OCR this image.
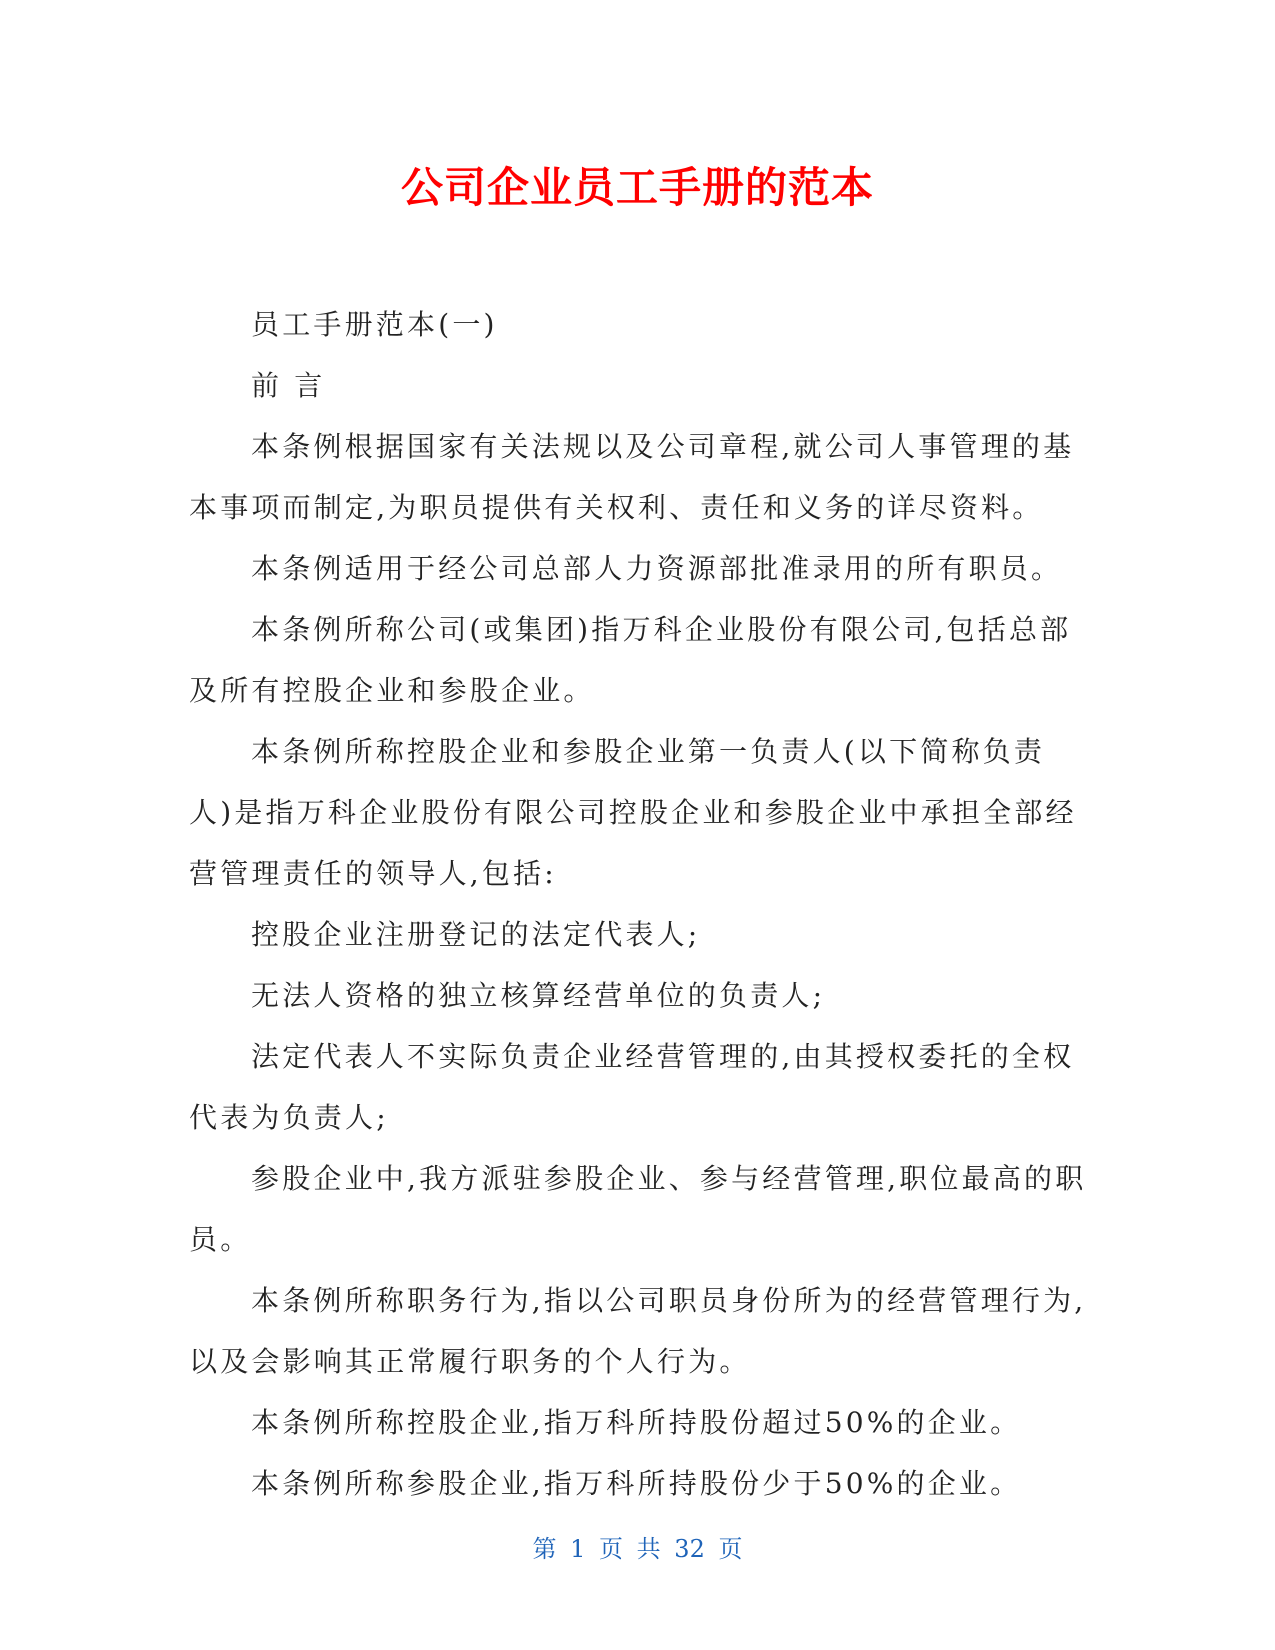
公司企业员工手册的范本

员工手册范本(一)

前 言

本条例根据国家有关法规以及公司章程,就公司人事管理的基本事项而制定,为职员提供有关权利、责任和义务的详尽资料。

本条例适用于经公司总部人力资源部批准录用的所有职员。

本条例所称公司(或集团)指万科企业股份有限公司,包括总部及所有控股企业和参股企业。

本条例所称控股企业和参股企业第一负责人(以下简称负责人)是指万科企业股份有限公司控股企业和参股企业中承担全部经营管理责任的领导人,包括:

控股企业注册登记的法定代表人;

无法人资格的独立核算经营单位的负责人;

法定代表人不实际负责企业经营管理的,由其授权委托的全权代表为负责人;

参股企业中,我方派驻参股企业、参与经营管理,职位最高的职员。

本条例所称职务行为,指以公司职员身份所为的经营管理行为,以及会影响其正常履行职务的个人行为。

本条例所称控股企业,指万科所持股份超过50%的企业。

本条例所称参股企业,指万科所持股份少于50%的企业。

第 1 页 共 32 页
